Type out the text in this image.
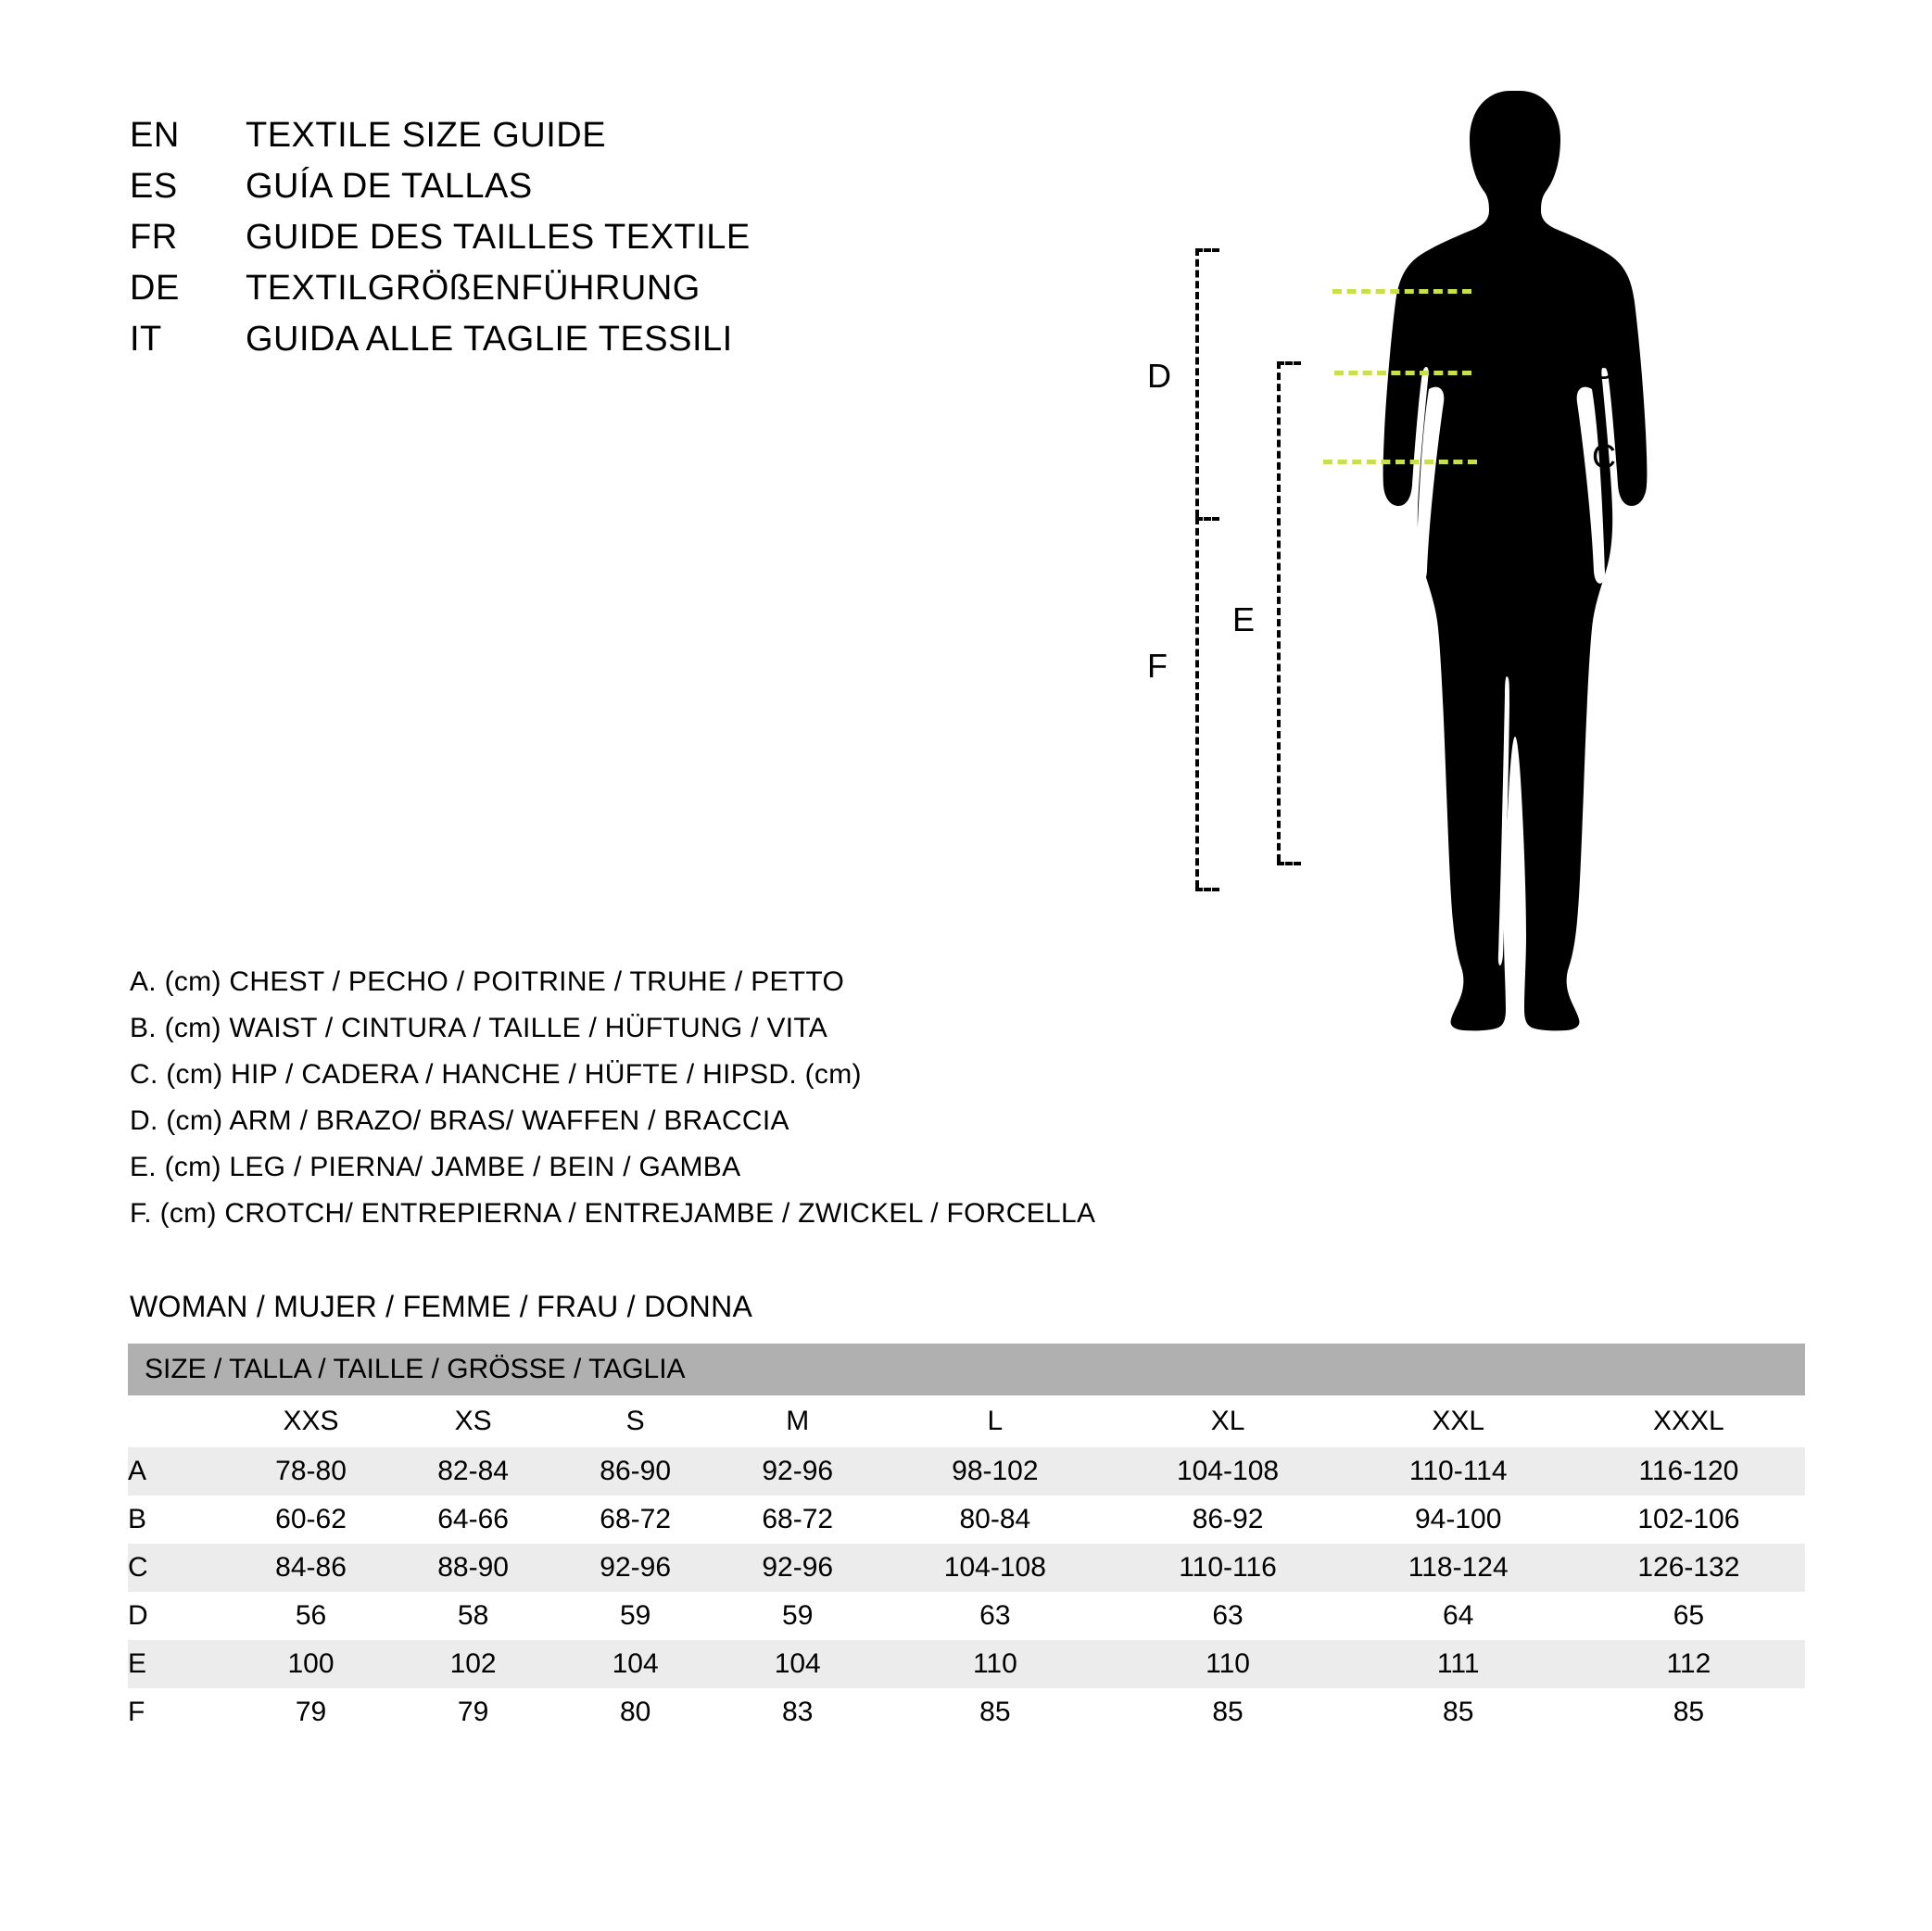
EN	TEXTILE SIZE GUIDE
ES	GUÍA DE TALLAS
FR	GUIDE DES TAILLES TEXTILE
DE	TEXTILGRÖßENFÜHRUNG
IT	GUIDA ALLE TAGLIE TESSILI
A
B
C
D
F
E
A. (cm) CHEST / PECHO / POITRINE / TRUHE / PETTO
B. (cm) WAIST / CINTURA / TAILLE / HÜFTUNG / VITA
C. (cm) HIP / CADERA / HANCHE / HÜFTE / HIPSD. (cm)
D. (cm) ARM / BRAZO/ BRAS/ WAFFEN / BRACCIA
E. (cm) LEG / PIERNA/ JAMBE / BEIN / GAMBA
F. (cm) CROTCH/ ENTREPIERNA / ENTREJAMBE / ZWICKEL / FORCELLA
WOMAN / MUJER / FEMME / FRAU / DONNA
SIZE / TALLA / TAILLE / GRÖSSE / TAGLIA								
	XXS	XS	S	M	L	XL	XXL	XXXL
A	78-80	82-84	86-90	92-96	98-102	104-108	110-114	116-120
B	60-62	64-66	68-72	68-72	80-84	86-92	94-100	102-106
C	84-86	88-90	92-96	92-96	104-108	110-116	118-124	126-132
D	56	58	59	59	63	63	64	65
E	100	102	104	104	110	110	111	112
F	79	79	80	83	85	85	85	85
